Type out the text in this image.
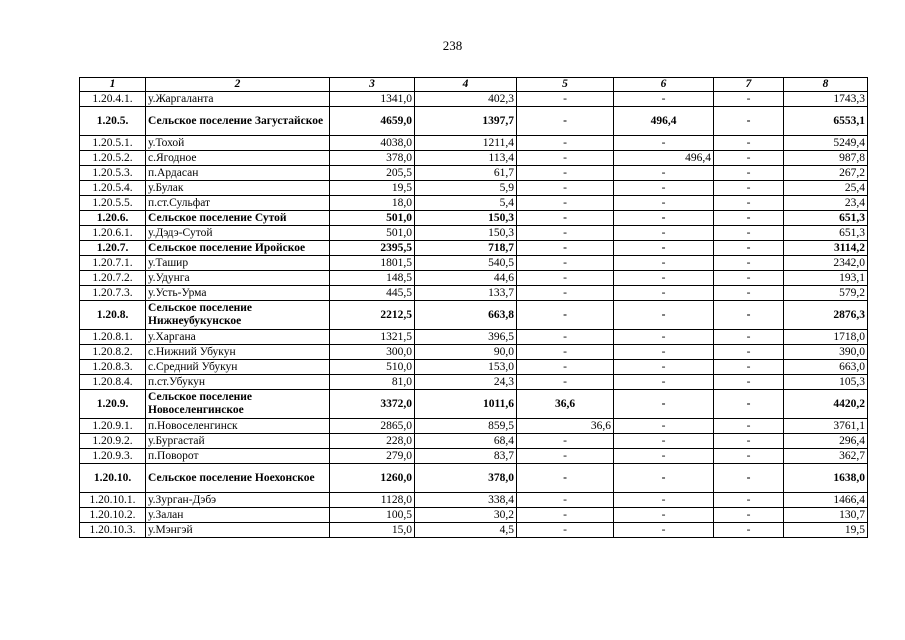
238
1	2	3	4	5	6	7	8
1.20.4.1.	у.Жаргаланта	1341,0	402,3	-	-	-	1743,3
1.20.5.	Сельское поселение Загустайское	4659,0	1397,7	-	496,4	-	6553,1
1.20.5.1.	у.Тохой	4038,0	1211,4	-	-	-	5249,4
1.20.5.2.	с.Ягодное	378,0	113,4	-	496,4	-	987,8
1.20.5.3.	п.Ардасан	205,5	61,7	-	-	-	267,2
1.20.5.4.	у.Булак	19,5	5,9	-	-	-	25,4
1.20.5.5.	п.ст.Сульфат	18,0	5,4	-	-	-	23,4
1.20.6.	Сельское поселение Сутой	501,0	150,3	-	-	-	651,3
1.20.6.1.	у.Дэдэ-Сутой	501,0	150,3	-	-	-	651,3
1.20.7.	Сельское поселение Иройское	2395,5	718,7	-	-	-	3114,2
1.20.7.1.	у.Ташир	1801,5	540,5	-	-	-	2342,0
1.20.7.2.	у.Удунга	148,5	44,6	-	-	-	193,1
1.20.7.3.	у.Усть-Урма	445,5	133,7	-	-	-	579,2
1.20.8.	Сельское поселение Нижнеубукунское	2212,5	663,8	-	-	-	2876,3
1.20.8.1.	у.Харгана	1321,5	396,5	-	-	-	1718,0
1.20.8.2.	с.Нижний Убукун	300,0	90,0	-	-	-	390,0
1.20.8.3.	с.Средний Убукун	510,0	153,0	-	-	-	663,0
1.20.8.4.	п.ст.Убукун	81,0	24,3	-	-	-	105,3
1.20.9.	Сельское поселение Новоселенгинское	3372,0	1011,6	36,6	-	-	4420,2
1.20.9.1.	п.Новоселенгинск	2865,0	859,5	36,6	-	-	3761,1
1.20.9.2.	у.Бургастай	228,0	68,4	-	-	-	296,4
1.20.9.3.	п.Поворот	279,0	83,7	-	-	-	362,7
1.20.10.	Сельское поселение Ноехонское	1260,0	378,0	-	-	-	1638,0
1.20.10.1.	у.Зурган-Дэбэ	1128,0	338,4	-	-	-	1466,4
1.20.10.2.	у.Залан	100,5	30,2	-	-	-	130,7
1.20.10.3.	у.Мэнгэй	15,0	4,5	-	-	-	19,5
